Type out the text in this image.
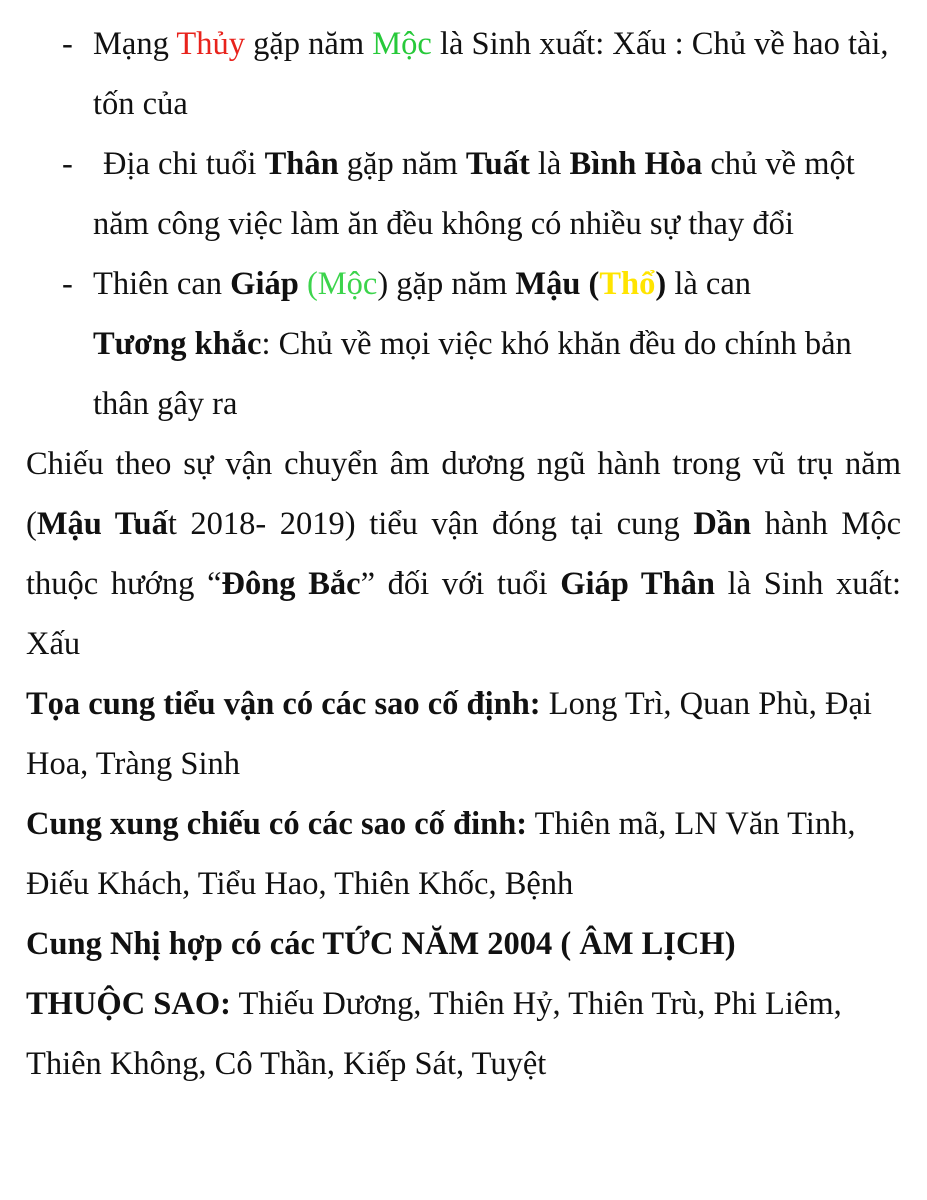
- Mạng Thủy gặp năm Mộc là Sinh xuất: Xấu : Chủ về hao tài, tốn của
- Địa chi tuổi Thân gặp năm Tuất là Bình Hòa chủ về một năm công việc làm ăn đều không có nhiều sự thay đổi
- Thiên can Giáp (Mộc) gặp năm Mậu (Thổ) là can
Tương khắc: Chủ về mọi việc khó khăn đều do chính bản thân gây ra
Chiếu theo sự vận chuyển âm dương ngũ hành trong vũ trụ năm (Mậu Tuất 2018- 2019) tiểu vận đóng tại cung Dần hành Mộc thuộc hướng “Đông Bắc” đối với tuổi Giáp Thân là Sinh xuất: Xấu
Tọa cung tiểu vận có các sao cố định: Long Trì, Quan Phù, Đại Hoa, Tràng Sinh
Cung xung chiếu có các sao cố đinh: Thiên mã, LN Văn Tinh, Điếu Khách, Tiểu Hao, Thiên Khốc, Bệnh
Cung Nhị hợp có các TỨC NĂM 2004 ( ÂM LỊCH)
THUỘC SAO: Thiếu Dương, Thiên Hỷ, Thiên Trù, Phi Liêm, Thiên Không, Cô Thần, Kiếp Sát, Tuyệt
